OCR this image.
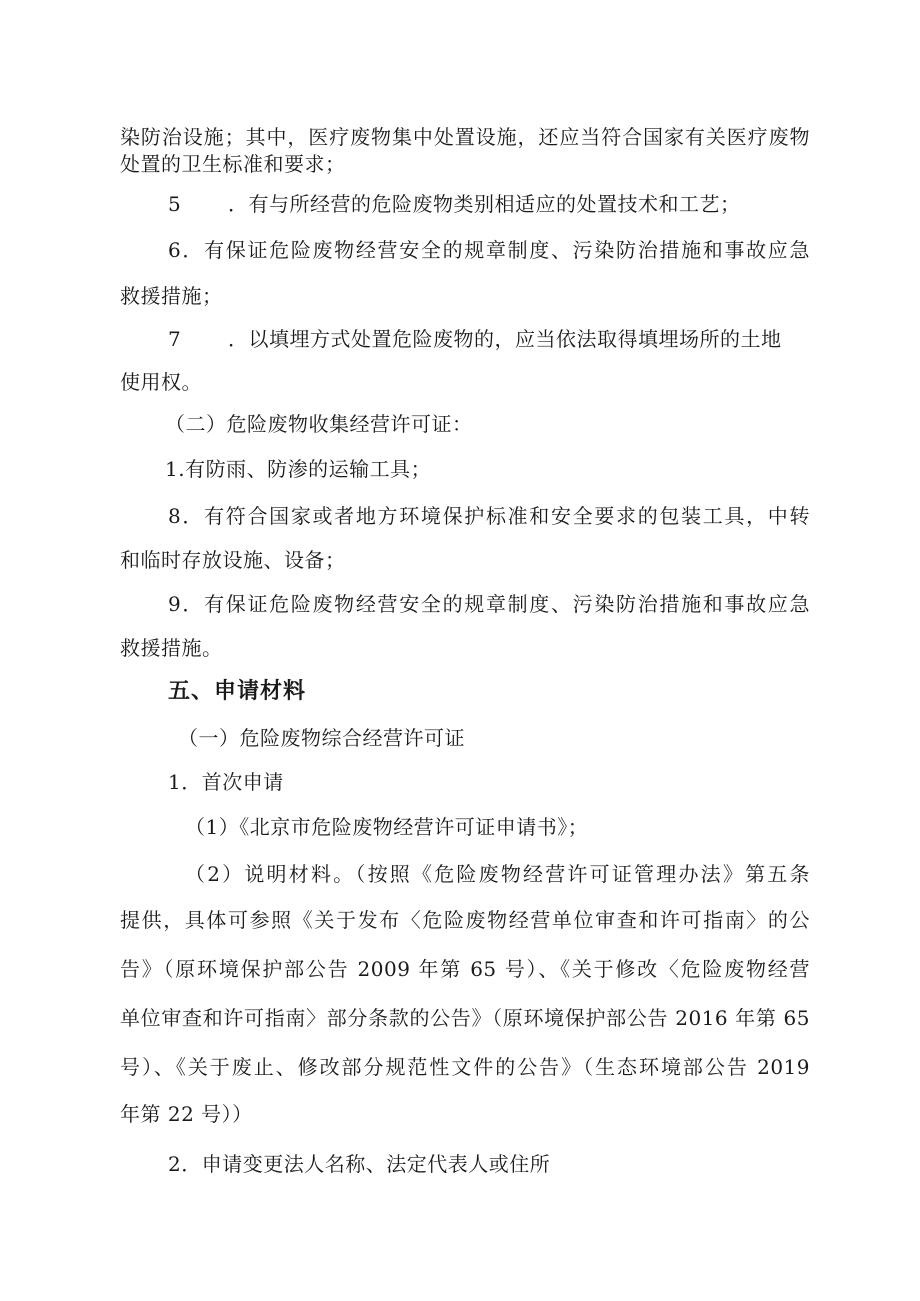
染防治设施；其中，医疗废物集中处置设施，还应当符合国家有关医疗废物
处置的卫生标准和要求；
5 ．有与所经营的危险废物类别相适应的处置技术和工艺；
6．有保证危险废物经营安全的规章制度、污染防治措施和事故应急
救援措施；
7 ．以填埋方式处置危险废物的，应当依法取得填埋场所的土地
使用权。
（二）危险废物收集经营许可证：
1.有防雨、防渗的运输工具；
8．有符合国家或者地方环境保护标准和安全要求的包装工具，中转
和临时存放设施、设备；
9．有保证危险废物经营安全的规章制度、污染防治措施和事故应急
救援措施。
五、申请材料
（一）危险废物综合经营许可证
1．首次申请
（1）《北京市危险废物经营许可证申请书》；
（2）说明材料。（按照《危险废物经营许可证管理办法》第五条
提供，具体可参照《关于发布〈危险废物经营单位审查和许可指南〉的公
告》（原环境保护部公告 2009 年第 65 号）、《关于修改〈危险废物经营
单位审查和许可指南〉部分条款的公告》（原环境保护部公告 2016 年第 65
号）、《关于废止、修改部分规范性文件的公告》（生态环境部公告 2019
年第 22 号））
2．申请变更法人名称、法定代表人或住所
